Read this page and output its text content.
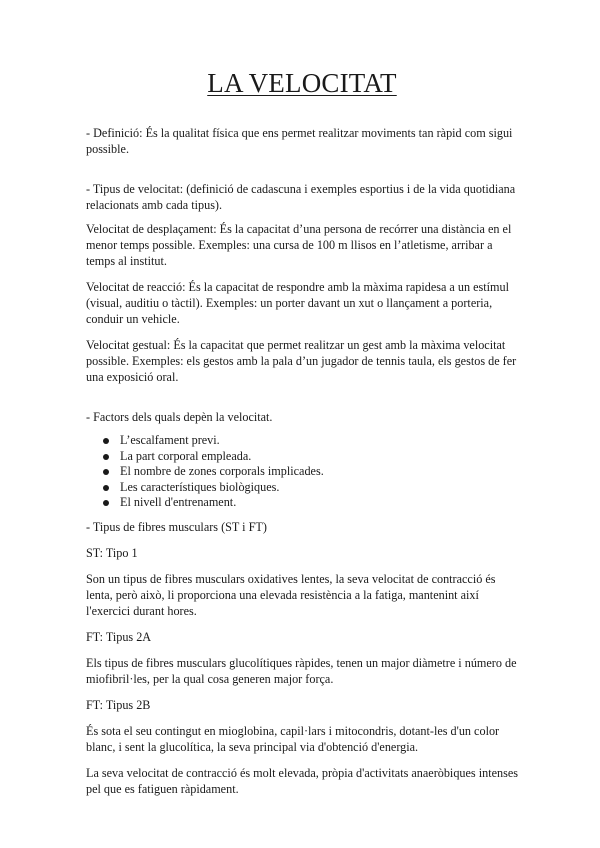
LA VELOCITAT

- Definició: És la qualitat física que ens permet realitzar moviments tan ràpid com sigui possible.

- Tipus de velocitat: (definició de cadascuna i exemples esportius i de la vida quotidiana relacionats amb cada tipus).

Velocitat de desplaçament: És la capacitat d’una persona de recórrer una distància en el menor temps possible. Exemples: una cursa de 100 m llisos en l’atletisme, arribar a temps al institut.

Velocitat de reacció: És la capacitat de respondre amb la màxima rapidesa a un estímul (visual, auditiu o tàctil). Exemples: un porter davant un xut o llançament a porteria, conduir un vehicle.

Velocitat gestual: És la capacitat que permet realitzar un gest amb la màxima velocitat possible. Exemples: els gestos amb la pala d’un jugador de tennis taula, els gestos de fer una exposició oral.

- Factors dels quals depèn la velocitat.

L’escalfament previ.
La part corporal empleada.
El nombre de zones corporals implicades.
Les característiques biològiques.
El nivell d'entrenament.

- Tipus de fibres musculars (ST i FT)

ST: Tipo 1

Son un tipus de fibres musculars oxidatives lentes, la seva velocitat de contracció és lenta, però això, li proporciona una elevada resistència a la fatiga, mantenint així l'exercici durant hores.

FT: Tipus 2A

Els tipus de fibres musculars glucolítiques ràpides, tenen un major diàmetre i número de miofibril·les, per la qual cosa generen major força.

FT: Tipus 2B

És sota el seu contingut en mioglobina, capil·lars i mitocondris, dotant-les d'un color blanc, i sent la glucolítica, la seva principal via d'obtenció d'energia.

La seva velocitat de contracció és molt elevada, pròpia d'activitats anaeròbiques intenses pel que es fatiguen ràpidament.
